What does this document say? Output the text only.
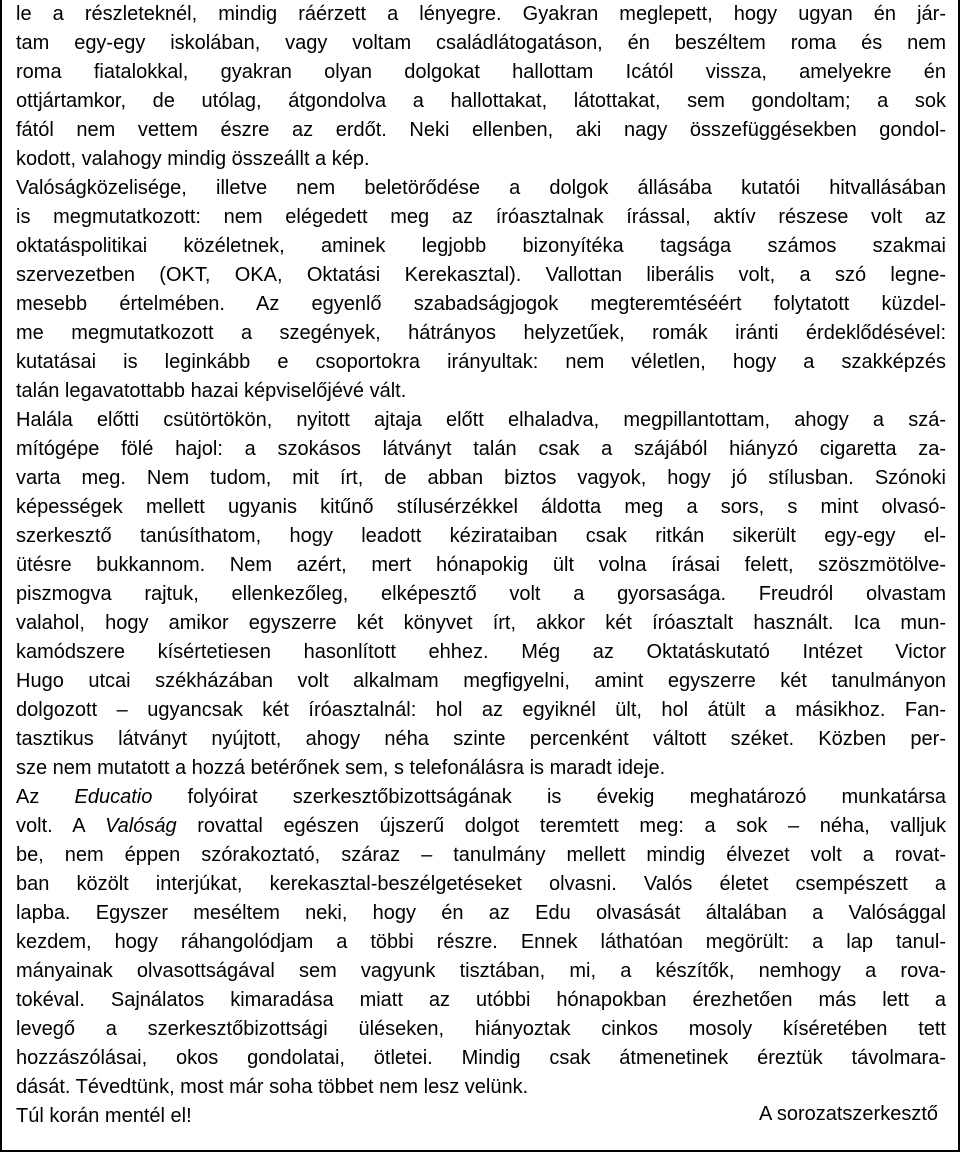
le a részleteknél, mindig ráérzett a lényegre. Gyakran meglepett, hogy ugyan én jár-
tam egy-egy iskolában, vagy voltam családlátogatáson, én beszéltem roma és nem
roma fiatalokkal, gyakran olyan dolgokat hallottam Icától vissza, amelyekre én
ottjártamkor, de utólag, átgondolva a hallottakat, látottakat, sem gondoltam; a sok
fától nem vettem észre az erdőt. Neki ellenben, aki nagy összefüggésekben gondol-
kodott, valahogy mindig összeállt a kép.
Valóságközelisége, illetve nem beletörődése a dolgok állásába kutatói hitvallásában
is megmutatkozott: nem elégedett meg az íróasztalnak írással, aktív részese volt az
oktatáspolitikai közéletnek, aminek legjobb bizonyítéka tagsága számos szakmai
szervezetben (OKT, OKA, Oktatási Kerekasztal). Vallottan liberális volt, a szó legne-
mesebb értelmében. Az egyenlő szabadságjogok megteremtéséért folytatott küzdel-
me megmutatkozott a szegények, hátrányos helyzetűek, romák iránti érdeklődésével:
kutatásai is leginkább e csoportokra irányultak: nem véletlen, hogy a szakképzés
talán legavatottabb hazai képviselőjévé vált.
Halála előtti csütörtökön, nyitott ajtaja előtt elhaladva, megpillantottam, ahogy a szá-
mítógépe fölé hajol: a szokásos látványt talán csak a szájából hiányzó cigaretta za-
varta meg. Nem tudom, mit írt, de abban biztos vagyok, hogy jó stílusban. Szónoki
képességek mellett ugyanis kitűnő stílusérzékkel áldotta meg a sors, s mint olvasó-
szerkesztő tanúsíthatom, hogy leadott kézirataiban csak ritkán sikerült egy-egy el-
ütésre bukkannom. Nem azért, mert hónapokig ült volna írásai felett, szöszmötölve-
piszmogva rajtuk, ellenkezőleg, elképesztő volt a gyorsasága. Freudról olvastam
valahol, hogy amikor egyszerre két könyvet írt, akkor két íróasztalt használt. Ica mun-
kamódszere kísértetiesen hasonlított ehhez. Még az Oktatáskutató Intézet Victor
Hugo utcai székházában volt alkalmam megfigyelni, amint egyszerre két tanulmányon
dolgozott – ugyancsak két íróasztalnál: hol az egyiknél ült, hol átült a másikhoz. Fan-
tasztikus látványt nyújtott, ahogy néha szinte percenként váltott széket. Közben per-
sze nem mutatott a hozzá betérőnek sem, s telefonálásra is maradt ideje.
Az Educatio folyóirat szerkesztőbizottságának is évekig meghatározó munkatársa
volt. A Valóság rovattal egészen újszerű dolgot teremtett meg: a sok – néha, valljuk
be, nem éppen szórakoztató, száraz – tanulmány mellett mindig élvezet volt a rovat-
ban közölt interjúkat, kerekasztal-beszélgetéseket olvasni. Valós életet csempészett a
lapba. Egyszer meséltem neki, hogy én az Edu olvasását általában a Valósággal
kezdem, hogy ráhangolódjam a többi részre. Ennek láthatóan megörült: a lap tanul-
mányainak olvasottságával sem vagyunk tisztában, mi, a készítők, nemhogy a rova-
tokéval. Sajnálatos kimaradása miatt az utóbbi hónapokban érezhetően más lett a
levegő a szerkesztőbizottsági üléseken, hiányoztak cinkos mosoly kíséretében tett
hozzászólásai, okos gondolatai, ötletei. Mindig csak átmenetinek éreztük távolmara-
dását. Tévedtünk, most már soha többet nem lesz velünk.
Túl korán mentél el!	A sorozatszerkesztő
